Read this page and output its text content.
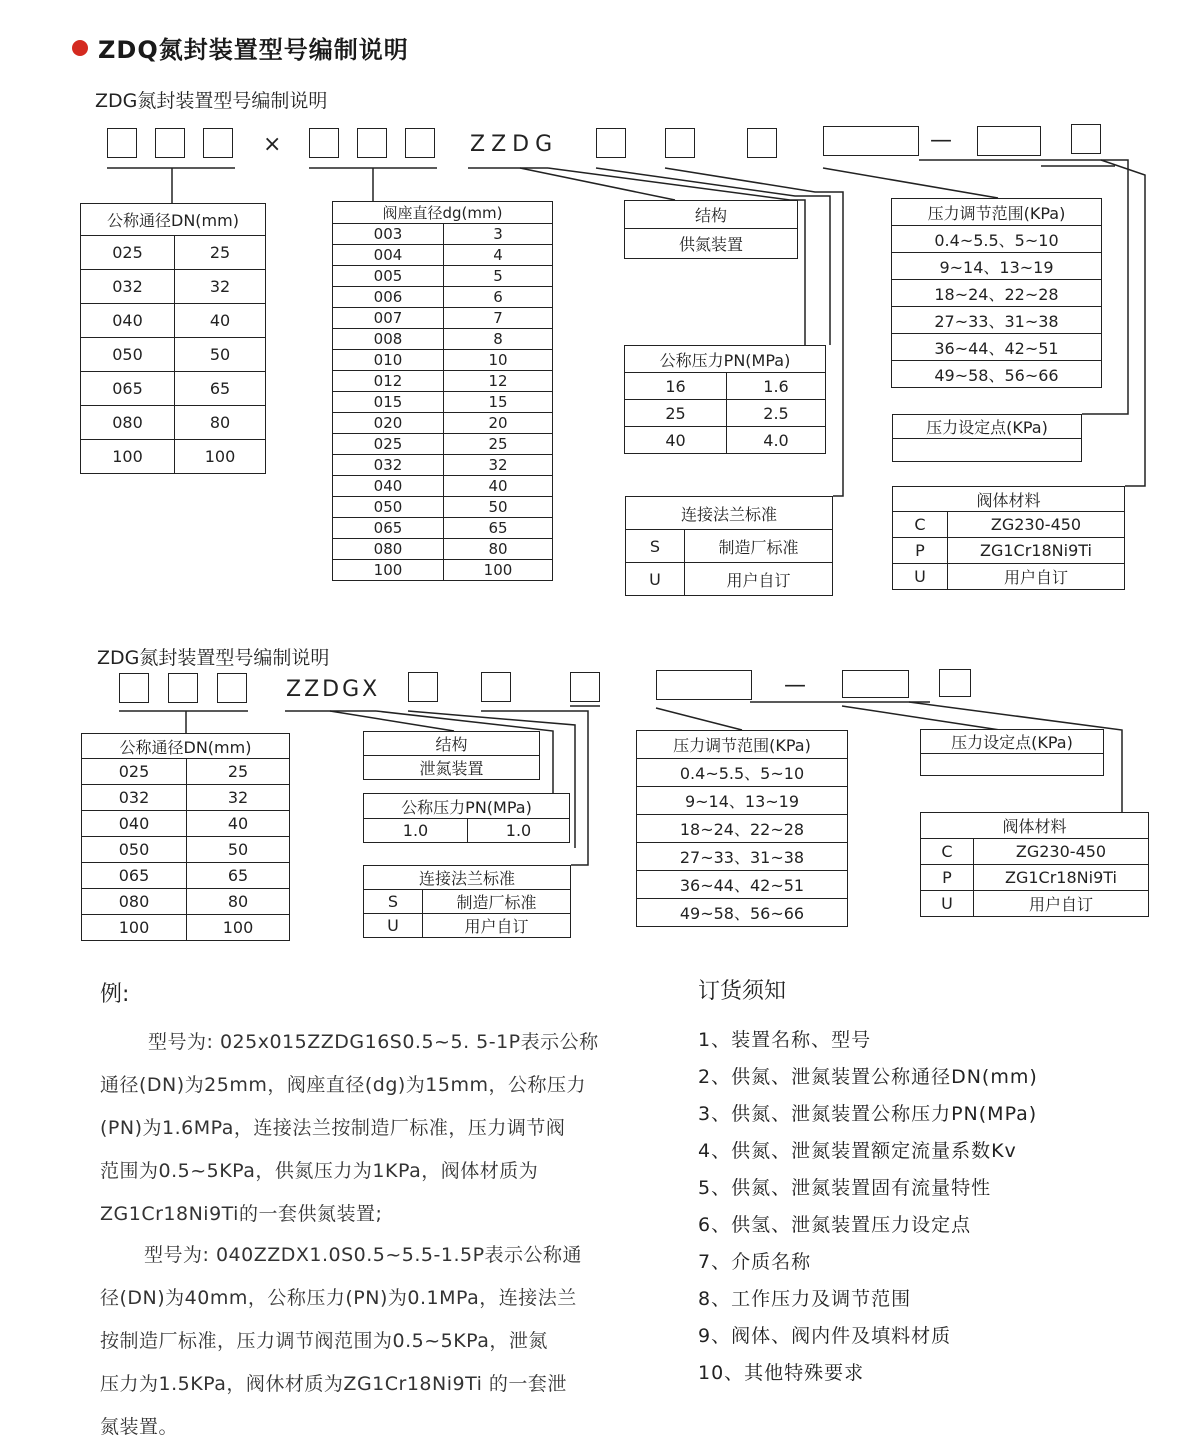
ZDQ氮封装置型号编制说明
ZDG氮封装置型号编制说明
×	ZZDG	—
公称通径DN(mm)	
025	25
032	32
040	40
050	50
065	65
080	80
100	100
阀座直径dg(mm)	
003	3
004	4
005	5
006	6
007	7
008	8
010	10
012	12
015	15
020	20
025	25
032	32
040	40
050	50
065	65
080	80
100	100
结构
供氮装置
公称压力PN(MPa)	
16	1.6
25	2.5
40	4.0
连接法兰标准	
S	制造厂标准
U	用户自订
压力调节范围(KPa)
0.4~5.5、5~10
9~14、13~19
18~24、22~28
27~33、31~38
36~44、42~51
49~58、56~66
压力设定点(KPa)

阀体材料	
C	ZG230-450
P	ZG1Cr18Ni9Ti
U	用户自订
ZDG氮封装置型号编制说明
ZZDGX	—
公称通径DN(mm)	
025	25
032	32
040	40
050	50
065	65
080	80
100	100
结构
泄氮装置
公称压力PN(MPa)
1.0	1.0
连接法兰标准	
S	制造厂标准
U	用户自订
压力调节范围(KPa)
0.4~5.5、5~10
9~14、13~19
18~24、22~28
27~33、31~38
36~44、42~51
49~58、56~66
压力设定点(KPa)

阀体材料	
C	ZG230-450
P	ZG1Cr18Ni9Ti
U	用户自订
例:

型号为: 025x015ZZDG16S0.5~5. 5-1P表示公称

通径(DN)为25mm，阀座直径(dg)为15mm，公称压力

(PN)为1.6MPa，连接法兰按制造厂标准，压力调节阀

范围为0.5~5KPa，供氮压力为1KPa，阀体材质为

ZG1Cr18Ni9Ti的一套供氮装置;

型号为: 040ZZDX1.0S0.5~5.5-1.5P表示公称通

径(DN)为40mm，公称压力(PN)为0.1MPa，连接法兰

按制造厂标准，压力调节阀范围为0.5~5KPa，泄氮

压力为1.5KPa，阀休材质为ZG1Cr18Ni9Ti 的一套泄

氮装置。

订货须知
1、装置名称、型号
2、供氮、泄氮装置公称通径DN(mm)
3、供氮、泄氮装置公称压力PN(MPa)
4、供氮、泄氮装置额定流量系数Kv
5、供氮、泄氮装置固有流量特性
6、供氢、泄氮装置压力设定点
7、介质名称
8、工作压力及调节范围
9、阀体、阀内件及填料材质
10、其他特殊要求
